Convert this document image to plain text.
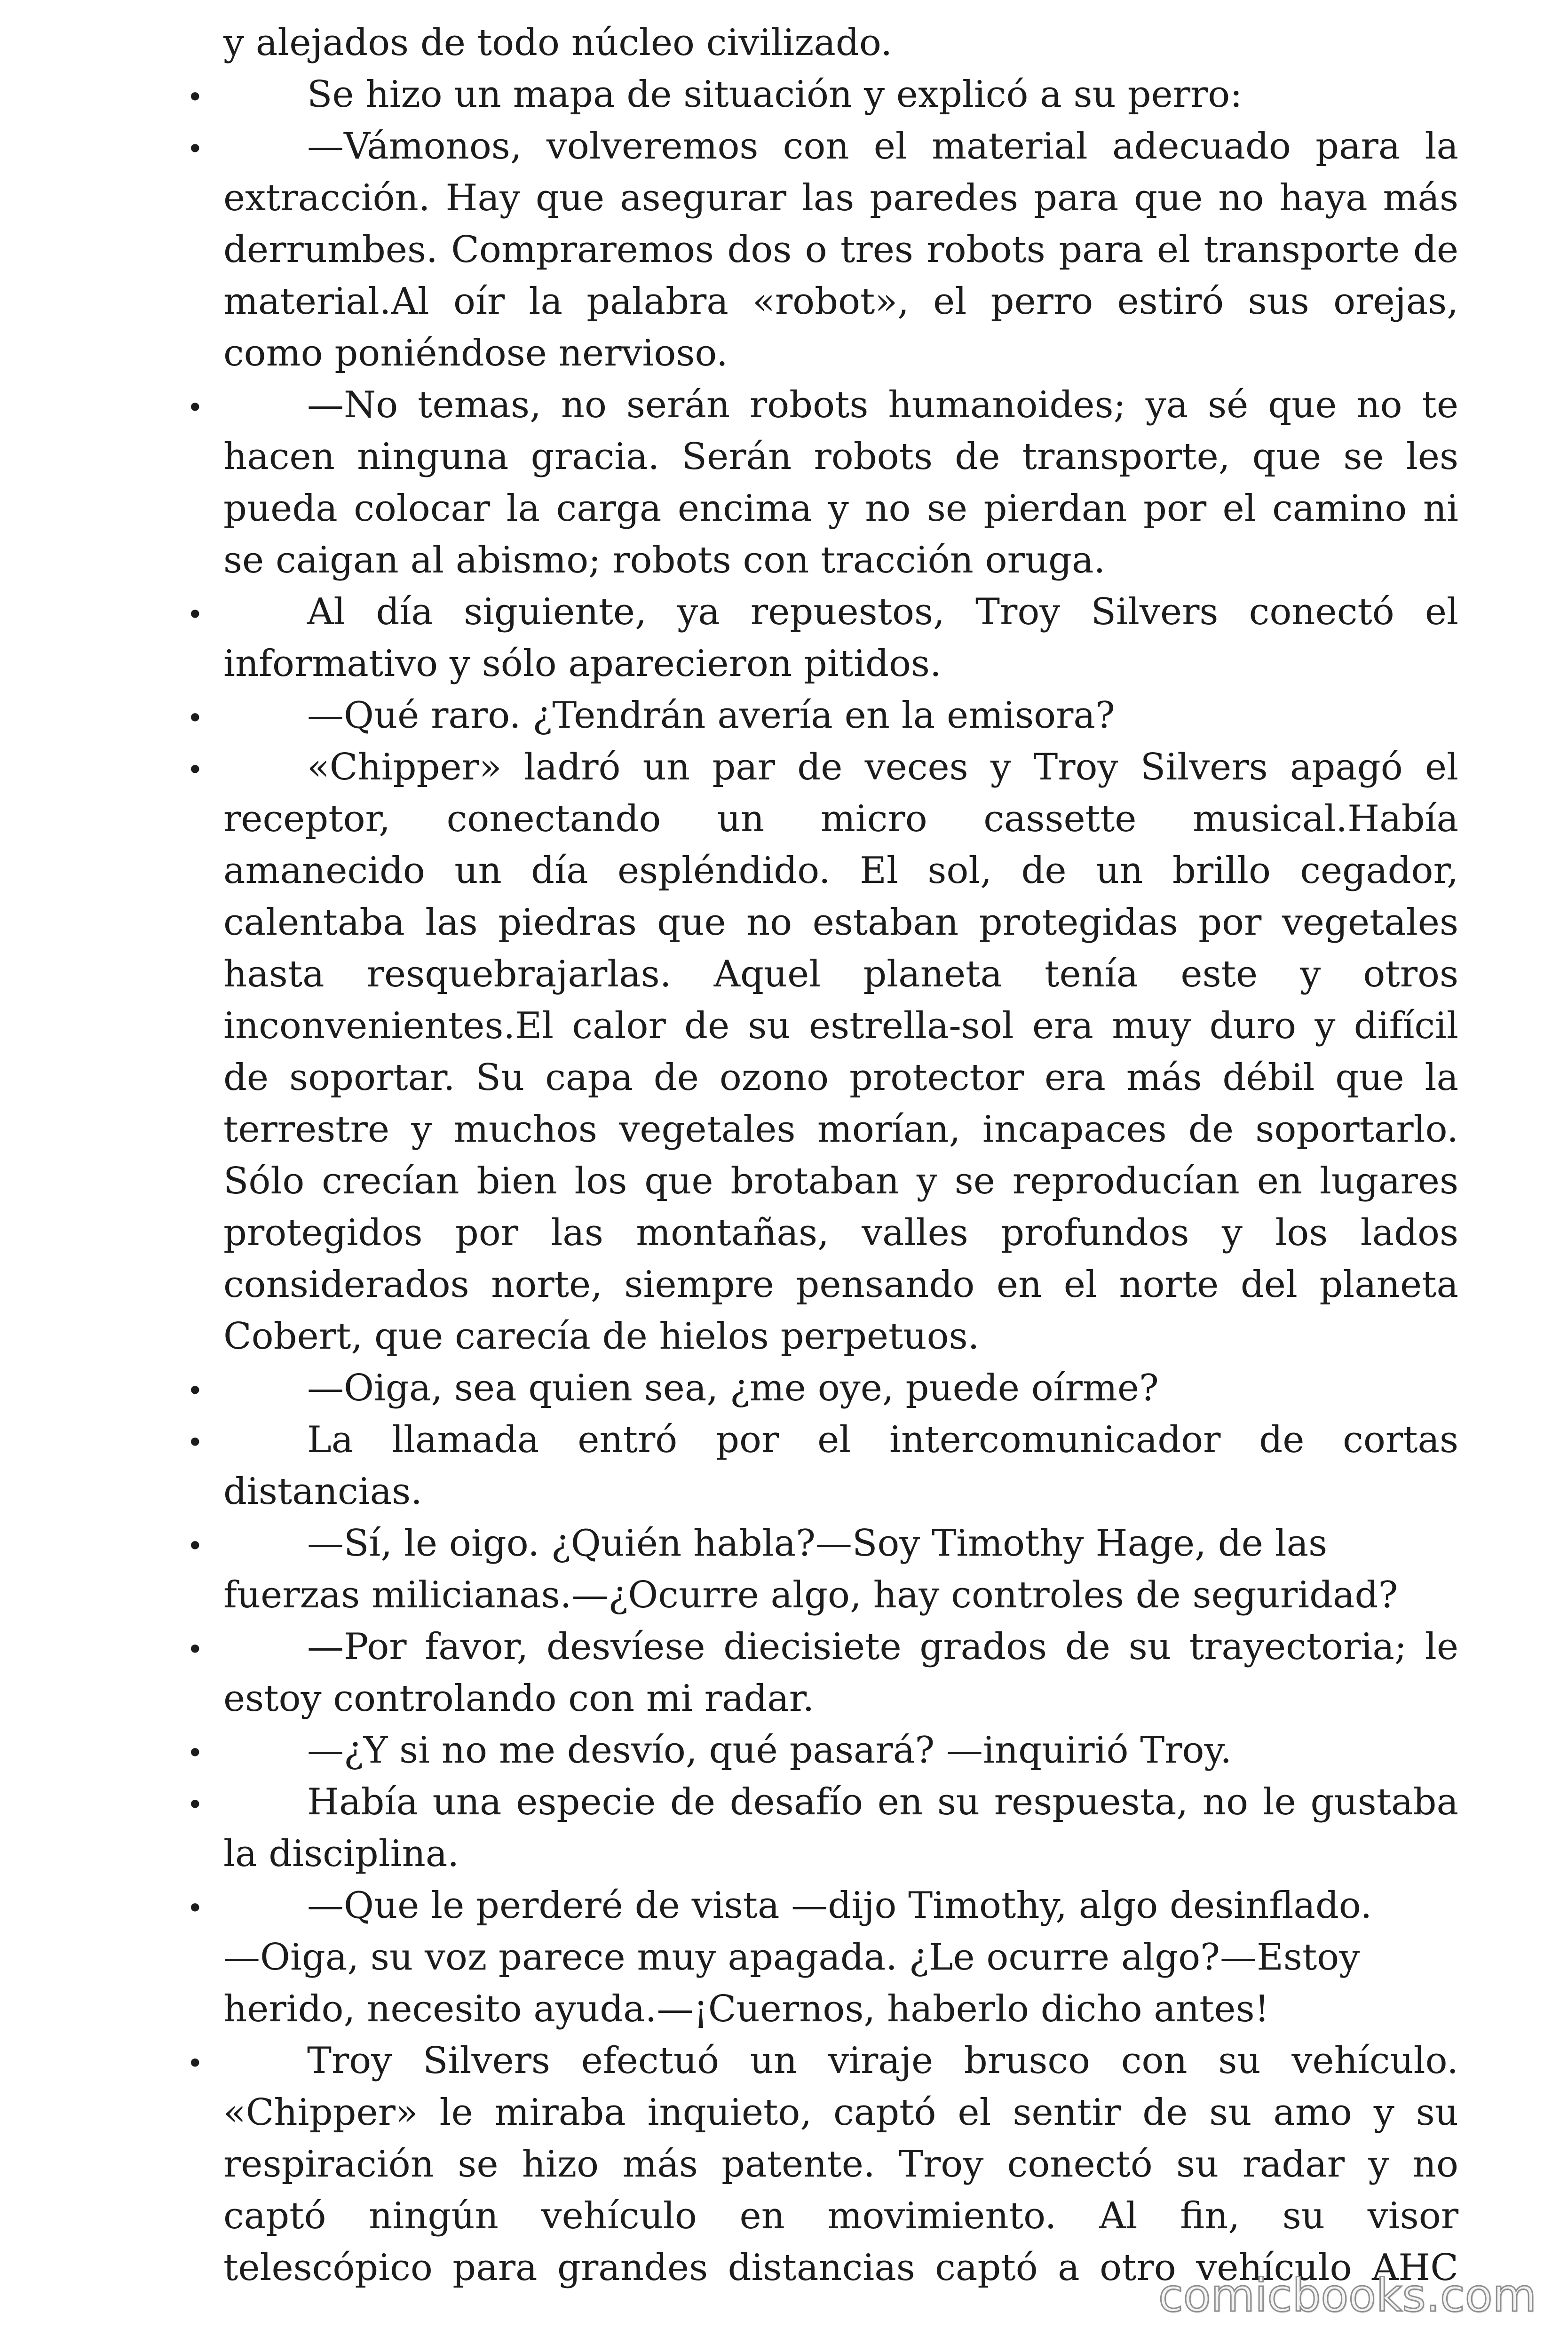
y alejados de todo núcleo civilizado.
•	Se hizo un mapa de situación y explicó a su perro:
•	—Vámonos, volveremos con el material adecuado para la
extracción. Hay que asegurar las paredes para que no haya más
derrumbes. Compraremos dos o tres robots para el transporte de
material.Al oír la palabra «robot», el perro estiró sus orejas,
como poniéndose nervioso.
•	—No temas, no serán robots humanoides; ya sé que no te
hacen ninguna gracia. Serán robots de transporte, que se les
pueda colocar la carga encima y no se pierdan por el camino ni
se caigan al abismo; robots con tracción oruga.
•	Al día siguiente, ya repuestos, Troy Silvers conectó el
informativo y sólo aparecieron pitidos.
•	—Qué raro. ¿Tendrán avería en la emisora?
•	«Chipper» ladró un par de veces y Troy Silvers apagó el
receptor, conectando un micro cassette musical.Había
amanecido un día espléndido. El sol, de un brillo cegador,
calentaba las piedras que no estaban protegidas por vegetales
hasta resquebrajarlas. Aquel planeta tenía este y otros
inconvenientes.El calor de su estrella-sol era muy duro y difícil
de soportar. Su capa de ozono protector era más débil que la
terrestre y muchos vegetales morían, incapaces de soportarlo.
Sólo crecían bien los que brotaban y se reproducían en lugares
protegidos por las montañas, valles profundos y los lados
considerados norte, siempre pensando en el norte del planeta
Cobert, que carecía de hielos perpetuos.
•	—Oiga, sea quien sea, ¿me oye, puede oírme?
•	La llamada entró por el intercomunicador de cortas
distancias.
•	—Sí, le oigo. ¿Quién habla?—Soy Timothy Hage, de las
fuerzas milicianas.—¿Ocurre algo, hay controles de seguridad?
•	—Por favor, desvíese diecisiete grados de su trayectoria; le
estoy controlando con mi radar.
•	—¿Y si no me desvío, qué pasará? —inquirió Troy.
•	Había una especie de desafío en su respuesta, no le gustaba
la disciplina.
•	—Que le perderé de vista —dijo Timothy, algo desinflado.
—Oiga, su voz parece muy apagada. ¿Le ocurre algo?—Estoy
herido, necesito ayuda.—¡Cuernos, haberlo dicho antes!
•	Troy Silvers efectuó un viraje brusco con su vehículo.
«Chipper» le miraba inquieto, captó el sentir de su amo y su
respiración se hizo más patente. Troy conectó su radar y no
captó ningún vehículo en movimiento. Al fin, su visor
telescópico para grandes distancias captó a otro vehículo AHC
comicbooks.com
